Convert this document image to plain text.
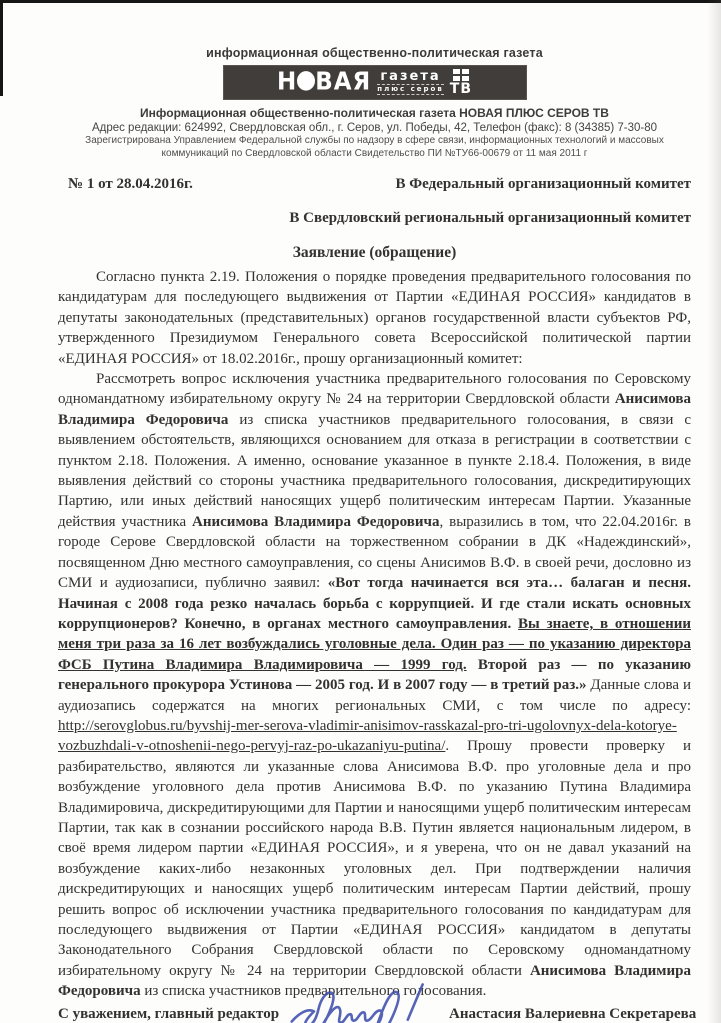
информационная общественно-политическая газета
Н ВАЯ газета
плюс серов ТВ
Информационная общественно-политическая газета НОВАЯ ПЛЮС СЕРОВ ТВ
Адрес редакции: 624992, Свердловская обл., г. Серов, ул. Победы, 42, Телефон (факс): 8 (34385) 7-30-80
Зарегистрирована Управлением Федеральной службы по надзору в сфере связи, информационных технологий и массовых
коммуникаций по Свердловской области Свидетельство ПИ №ТУ66-00679 от 11 мая 2011 г
№ 1 от 28.04.2016г.	В Федеральный организационный комитет
В Свердловский региональный организационный комитет
Заявление (обращение)

Согласно пункта 2.19. Положения о порядке проведения предварительного голосования по кандидатурам для последующего выдвижения от Партии «ЕДИНАЯ РОССИЯ» кандидатов в депутаты законодательных (представительных) органов государственной власти субъектов РФ, утвержденного Президиумом Генерального совета Всероссийской политической партии «ЕДИНАЯ РОССИЯ» от 18.02.2016г., прошу организационный комитет:

Рассмотреть вопрос исключения участника предварительного голосования по Серовскому одномандатному избирательному округу № 24 на территории Свердловской области Анисимова Владимира Федоровича из списка участников предварительного голосования, в связи с выявлением обстоятельств, являющихся основанием для отказа в регистрации в соответствии с пунктом 2.18. Положения. А именно, основание указанное в пункте 2.18.4. Положения, в виде выявления действий со стороны участника предварительного голосования, дискредитирующих Партию, или иных действий наносящих ущерб политическим интересам Партии. Указанные действия участника Анисимова Владимира Федоровича, выразились в том, что 22.04.2016г. в городе Серове Свердловской области на торжественном собрании в ДК «Надеждинский», посвященном Дню местного самоуправления, со сцены Анисимов В.Ф. в своей речи, дословно из СМИ и аудиозаписи, публично заявил: «Вот тогда начинается вся эта… балаган и песня. Начиная с 2008 года резко началась борьба с коррупцией. И где стали искать основных коррупционеров? Конечно, в органах местного самоуправления. Вы знаете, в отношении меня три раза за 16 лет возбуждались уголовные дела. Один раз — по указанию директора ФСБ Путина Владимира Владимировича — 1999 год. Второй раз — по указанию генерального прокурора Устинова — 2005 год. И в 2007 году — в третий раз.» Данные слова и аудиозапись содержатся на многих региональных СМИ, с том числе по адресу: http://serovglobus.ru/byvshij-mer-serova-vladimir-anisimov-rasskazal-pro-tri-ugolovnyx-dela-kotorye-vozbuzhdali-v-otnoshenii-nego-pervyj-raz-po-ukazaniyu-putina/. Прошу провести проверку и разбирательство, являются ли указанные слова Анисимова В.Ф. про уголовные дела и про возбуждение уголовного дела против Анисимова В.Ф. по указанию Путина Владимира Владимировича, дискредитирующими для Партии и наносящими ущерб политическим интересам Партии, так как в сознании российского народа В.В. Путин является национальным лидером, в своё время лидером партии «ЕДИНАЯ РОССИЯ», и я уверена, что он не давал указаний на возбуждение каких-либо незаконных уголовных дел. При подтверждении наличия дискредитирующих и наносящих ущерб политическим интересам Партии действий, прошу решить вопрос об исключении участника предварительного голосования по кандидатурам для последующего выдвижения от Партии «ЕДИНАЯ РОССИЯ» кандидатом в депутаты Законодательного Собрания Свердловской области по Серовскому одномандатному избирательному округу № 24 на территории Свердловской области Анисимова Владимира Федоровича из списка участников предварительного голосования.

С уважением, главный редактор	Анастасия Валериевна Секретарева
